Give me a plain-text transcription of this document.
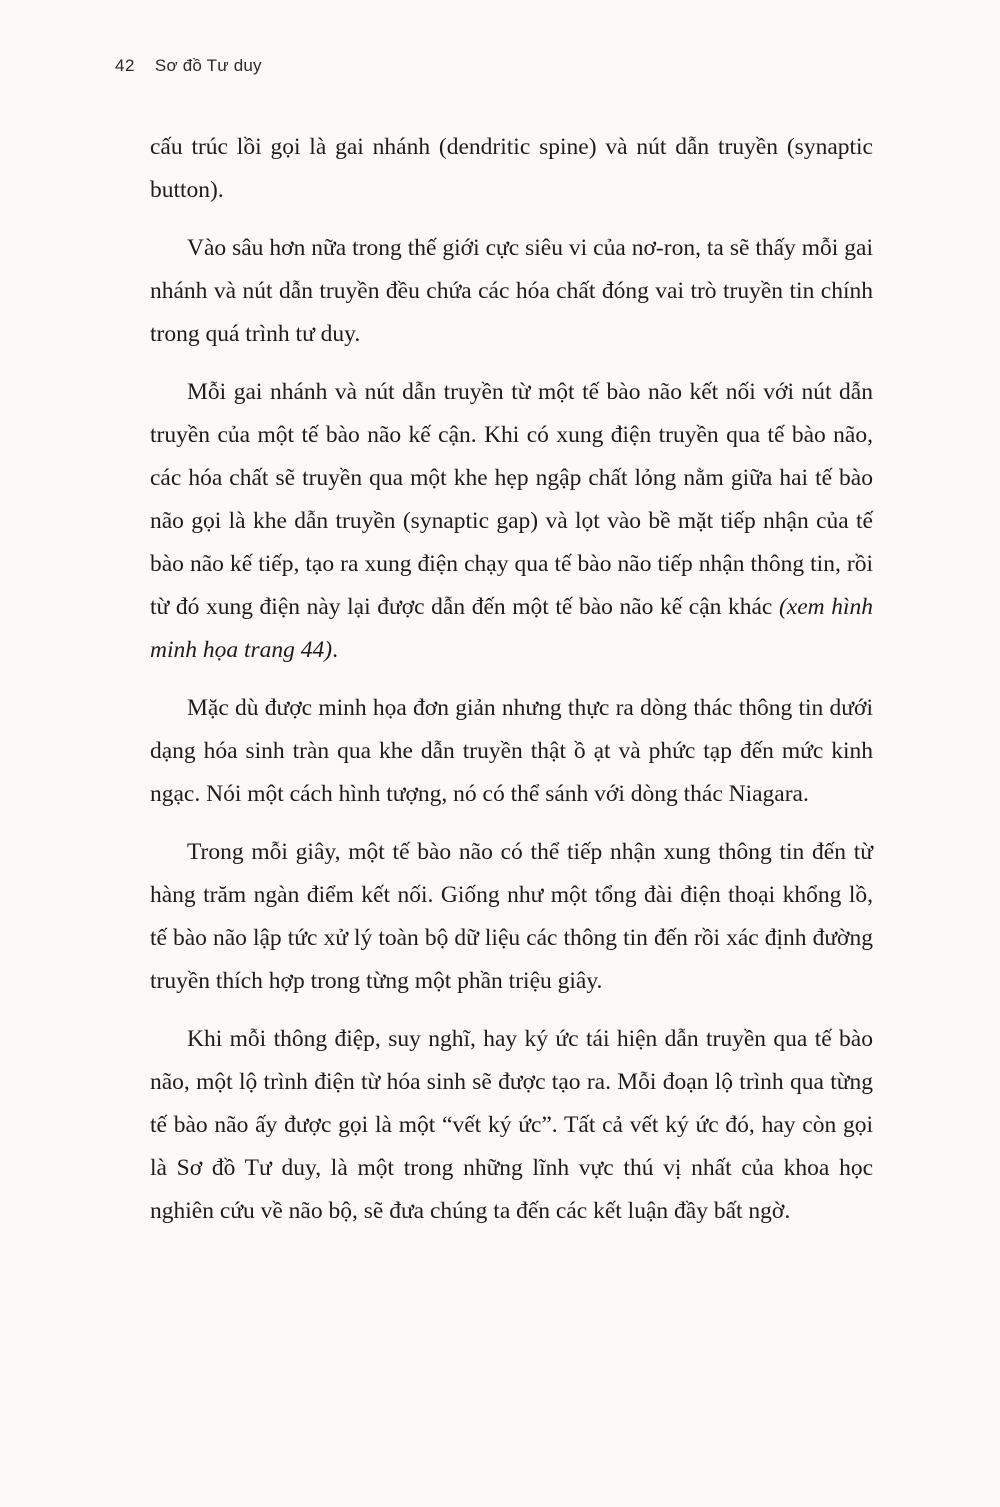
42 Sơ đồ Tư duy

cấu trúc lồi gọi là gai nhánh (dendritic spine) và nút dẫn truyền (synaptic button).

Vào sâu hơn nữa trong thế giới cực siêu vi của nơ-ron, ta sẽ thấy mỗi gai nhánh và nút dẫn truyền đều chứa các hóa chất đóng vai trò truyền tin chính trong quá trình tư duy.

Mỗi gai nhánh và nút dẫn truyền từ một tế bào não kết nối với nút dẫn truyền của một tế bào não kế cận. Khi có xung điện truyền qua tế bào não, các hóa chất sẽ truyền qua một khe hẹp ngập chất lỏng nằm giữa hai tế bào não gọi là khe dẫn truyền (synaptic gap) và lọt vào bề mặt tiếp nhận của tế bào não kế tiếp, tạo ra xung điện chạy qua tế bào não tiếp nhận thông tin, rồi từ đó xung điện này lại được dẫn đến một tế bào não kế cận khác (xem hình minh họa trang 44).

Mặc dù được minh họa đơn giản nhưng thực ra dòng thác thông tin dưới dạng hóa sinh tràn qua khe dẫn truyền thật ồ ạt và phức tạp đến mức kinh ngạc. Nói một cách hình tượng, nó có thể sánh với dòng thác Niagara.

Trong mỗi giây, một tế bào não có thể tiếp nhận xung thông tin đến từ hàng trăm ngàn điểm kết nối. Giống như một tổng đài điện thoại khổng lồ, tế bào não lập tức xử lý toàn bộ dữ liệu các thông tin đến rồi xác định đường truyền thích hợp trong từng một phần triệu giây.

Khi mỗi thông điệp, suy nghĩ, hay ký ức tái hiện dẫn truyền qua tế bào não, một lộ trình điện từ hóa sinh sẽ được tạo ra. Mỗi đoạn lộ trình qua từng tế bào não ấy được gọi là một “vết ký ức”. Tất cả vết ký ức đó, hay còn gọi là Sơ đồ Tư duy, là một trong những lĩnh vực thú vị nhất của khoa học nghiên cứu về não bộ, sẽ đưa chúng ta đến các kết luận đầy bất ngờ.
